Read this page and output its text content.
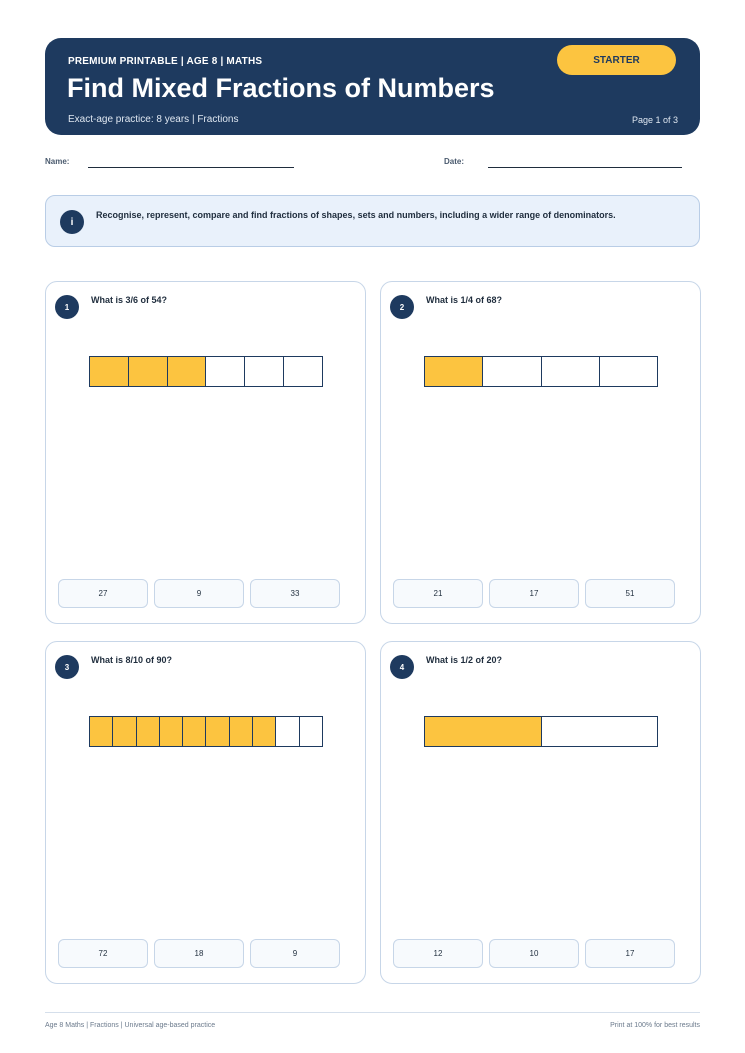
PREMIUM PRINTABLE | AGE 8 | MATHS
Find Mixed Fractions of Numbers
Exact-age practice: 8 years | Fractions	Page 1 of 3
STARTER
Name:	Date:
i
Recognise, represent, compare and find fractions of shapes, sets and numbers, including a wider range of denominators.
1
What is 3/6 of 54?
27	9	33
2
What is 1/4 of 68?
21	17	51
3
What is 8/10 of 90?
72	18	9
4
What is 1/2 of 20?
12	10	17
Age 8 Maths | Fractions | Universal age-based practice	Print at 100% for best results
